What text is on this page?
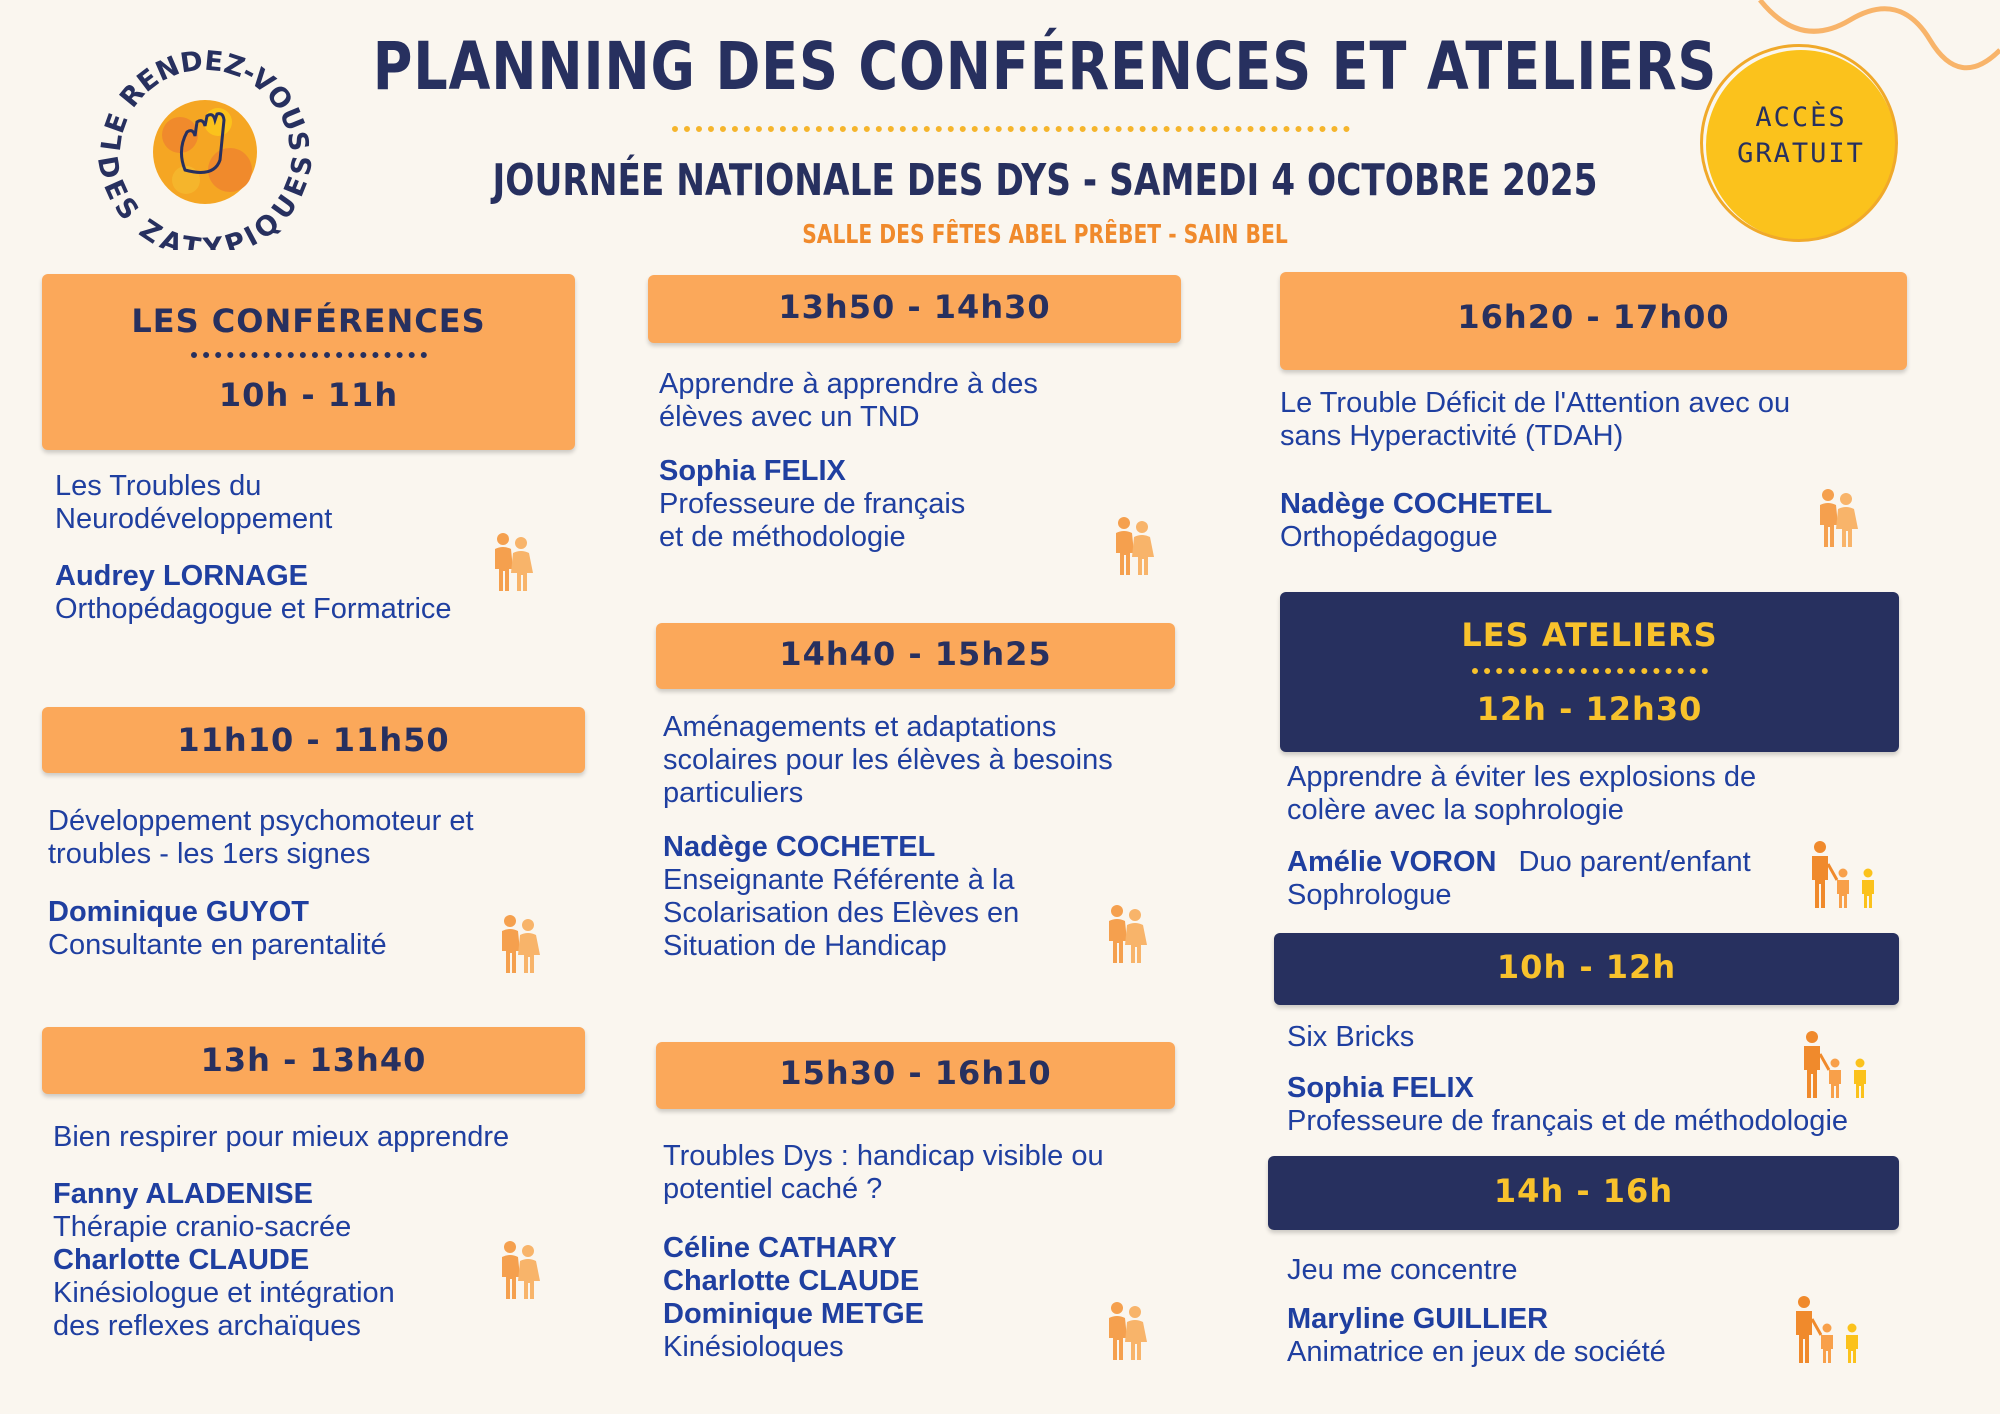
LE RENDEZ-VOUS
DES ZATYPIQUES
PLANNING DES CONFÉRENCES ET ATELIERS
JOURNÉE NATIONALE DES DYS - SAMEDI 4 OCTOBRE 2025
SALLE DES FÊTES ABEL PRÊBET - SAIN BEL
ACCÈS
GRATUIT
LES CONFÉRENCES
10h - 11h
Les Troubles du
Neurodéveloppement
Audrey LORNAGE
Orthopédagogue et Formatrice
11h10 - 11h50
Développement psychomoteur et
troubles - les 1ers signes
Dominique GUYOT
Consultante en parentalité
13h - 13h40
Bien respirer pour mieux apprendre
Fanny ALADENISE
Thérapie cranio-sacrée
Charlotte CLAUDE
Kinésiologue et intégration
des reflexes archaïques
13h50 - 14h30
Apprendre à apprendre à des
élèves avec un TND
Sophia FELIX
Professeure de français
et de méthodologie
14h40 - 15h25
Aménagements et adaptations
scolaires pour les élèves à besoins
particuliers
Nadège COCHETEL
Enseignante Référente à la
Scolarisation des Elèves en
Situation de Handicap
15h30 - 16h10
Troubles Dys : handicap visible ou
potentiel caché ?
Céline CATHARY
Charlotte CLAUDE
Dominique METGE
Kinésioloques
16h20 - 17h00
Le Trouble Déficit de l'Attention avec ou
sans Hyperactivité (TDAH)
Nadège COCHETEL
Orthopédagogue
LES ATELIERS
12h - 12h30
Apprendre à éviter les explosions de
colère avec la sophrologie
Amélie VORON Duo parent/enfant
Sophrologue
10h - 12h
Six Bricks
Sophia FELIX
Professeure de français et de méthodologie
14h - 16h
Jeu me concentre
Maryline GUILLIER
Animatrice en jeux de société
